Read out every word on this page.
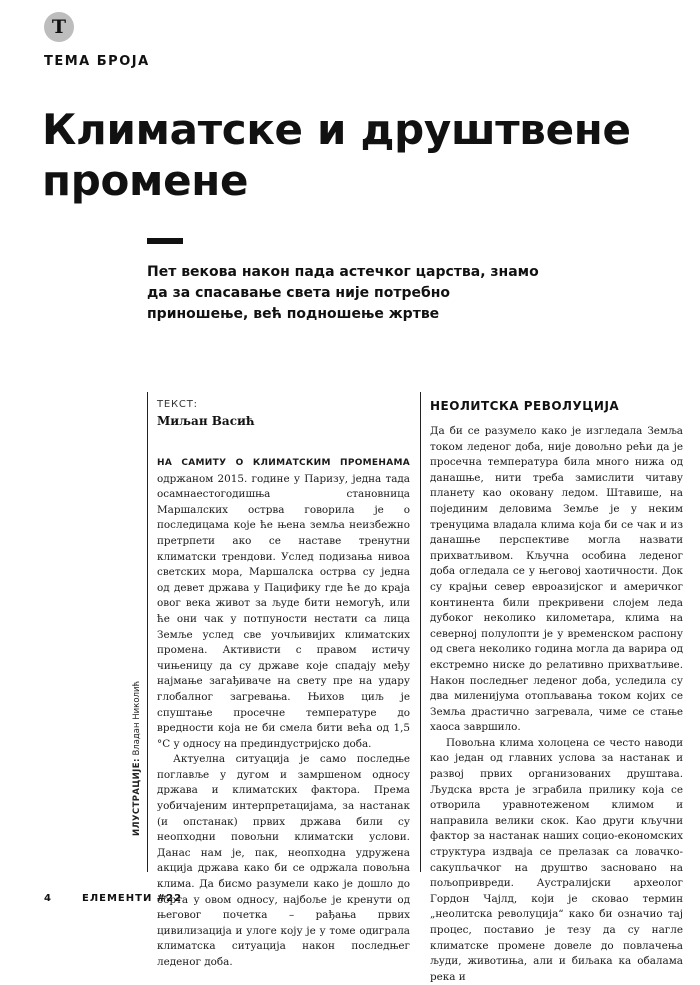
T
ТЕМА БРОЈА
Климатске и друштвене промене

Пет векова након пада астечког царства, знамо да за спасавање света није потребно приношење, већ подношење жртве

ТЕКСТ:
Миљан Васић
НЕОЛИТСКА РЕВОЛУЦИЈА

НА САМИТУ О КЛИМАТСКИМ ПРОМЕНАМА одржаном 2015. године у Паризу, једна тада осамнаестогодишња становница Маршалских острва говорила је о последицама које ће њена земља неизбежно претрпети ако се наставе тренутни климатски трендови. Услед подизања нивоа светских мора, Маршалска острва су једна од девет држава у Пацифику где ће до краја овог века живот за људе бити немогућ, или ће они чак у потпуности нестати са лица Земље услед све уочљивијих климатских промена. Активисти с правом истичу чињеницу да су државе које спадају међу најмање загађиваче на свету пре на удару глобалног загревања. Њихов циљ је спуштање просечне температуре до вредности која не би смела бити већа од 1,5 °C у односу на прединдустријско доба.

Актуелна ситуација је само последње поглавље у дугом и замршеном односу држава и климатских фактора. Према уобичајеним интерпретацијама, за настанак (и опстанак) првих држава били су неопходни повољни климатски услови. Данас нам је, пак, неопходна удружена акција држава како би се одржала повољна клима. Да бисмо разумели како је дошло до обрта у овом односу, најбоље је кренути од његовог почетка – рађања првих цивилизација и улоге коју је у томе одиграла климатска ситуација након последњег леденог доба.

Да би се разумело како је изгледала Земља током леденог доба, није довољно рећи да је просечна температура била много нижа од данашње, нити треба замислити читаву планету као оковану ледом. Штавише, на појединим деловима Земље је у неким тренуцима владала клима која би се чак и из данашње перспективе могла назвати прихватљивом. Кључна особина леденог доба огледала се у његовој хаотичности. Док су крајњи север евроазијског и америчког континента били прекривени слојем леда дубоког неколико километара, клима на северној полулопти је у временском распону од свега неколико година могла да варира од екстремно ниске до релативно прихватљиве. Након последњег леденог доба, уследила су два миленијума отопљавања током којих се Земља драстично загревала, чиме се стање хаоса завршило.

Повољна клима холоцена се често наводи као један од главних услова за настанак и развој првих организованих друштава. Људска врста је зграбила прилику која се отворила уравнотеженом климом и направила велики скок. Као други кључни фактор за настанак наших социо-економских структура издваја се прелазак са ловачко-сакупљачког на друштво засновано на пољопривреди. Аустралијски археолог Гордон Чајлд, који је сковао термин „неолитска револуција“ како би означио тај процес, поставио је тезу да су нагле климатске промене довеле до повлачења људи, животиња, али и биљака ка обалама река и

ИЛУСТРАЦИЈЕ: Владан Николић
4	ЕЛЕМЕНТИ #22
